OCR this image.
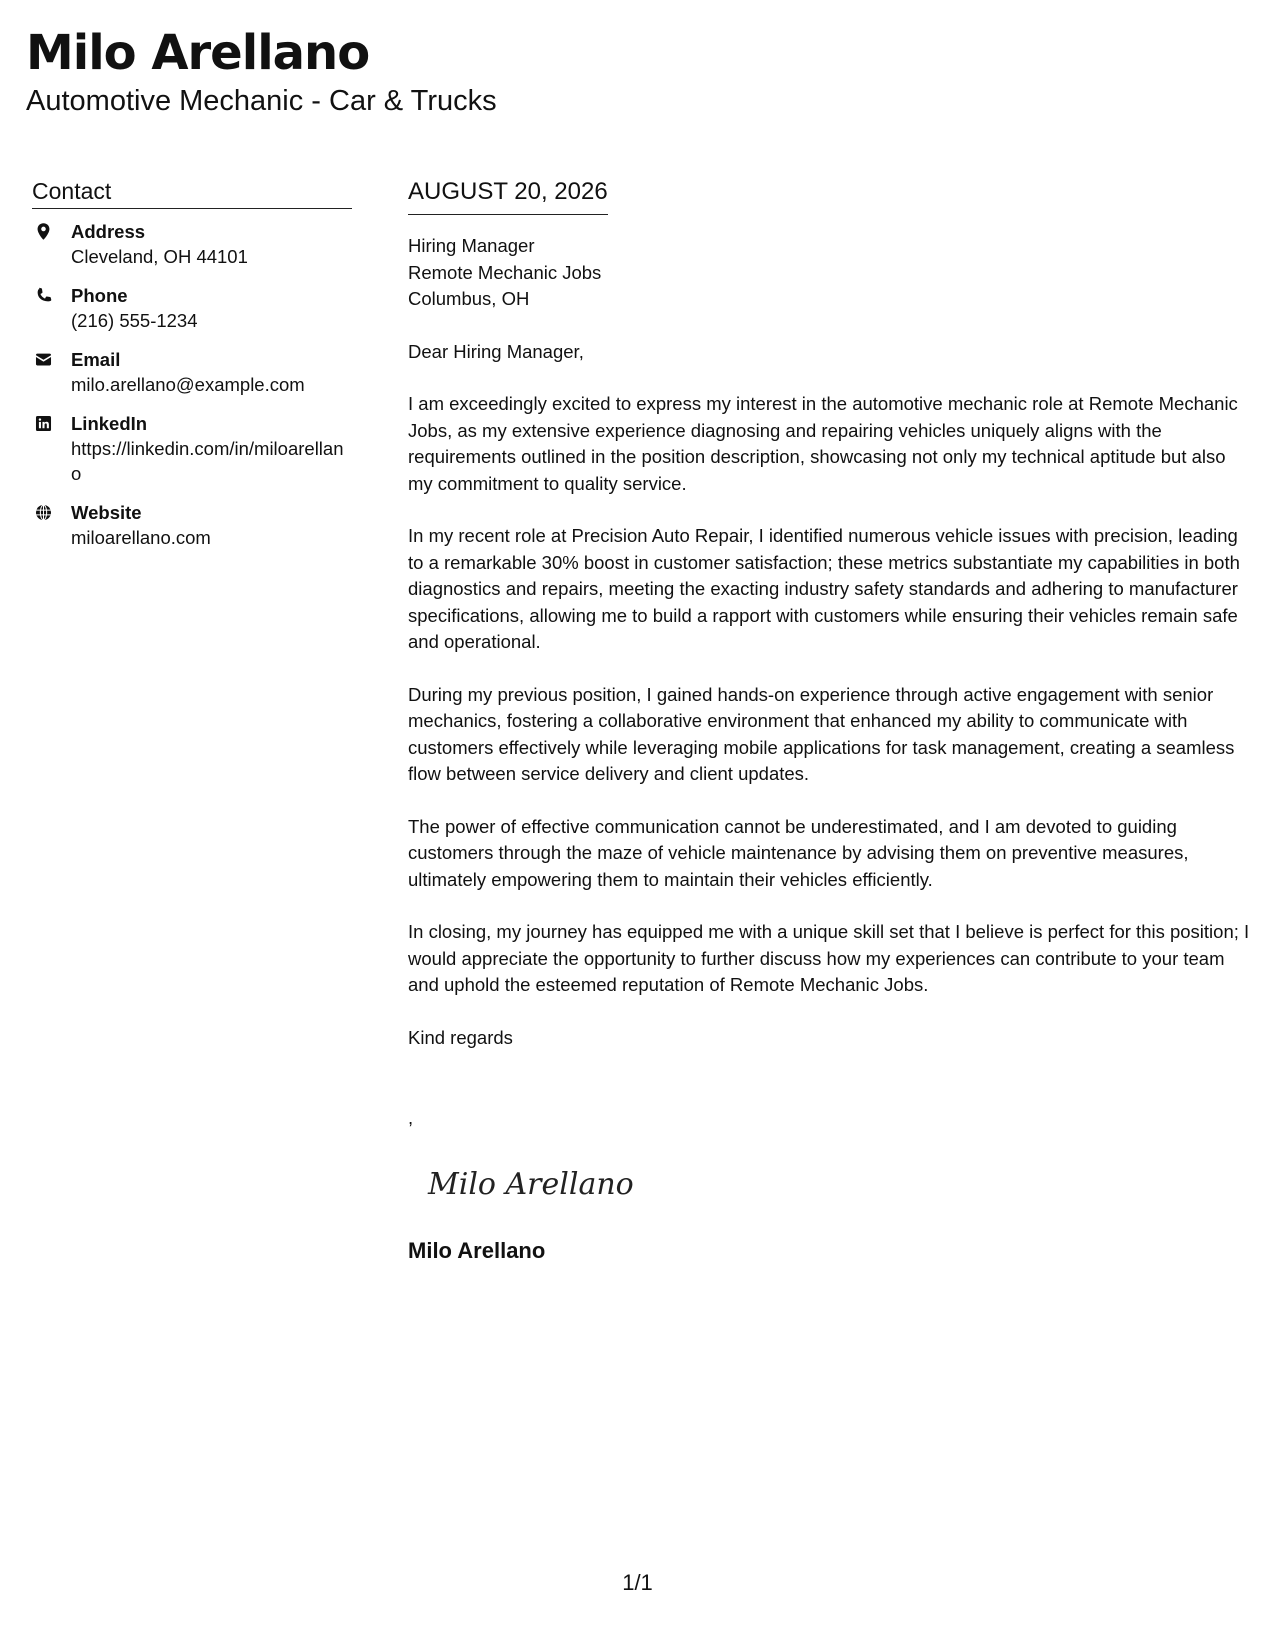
Milo Arellano
Automotive Mechanic - Car & Trucks
Contact
Address
Cleveland, OH 44101
Phone
(216) 555-1234
Email
milo.arellano@example.com
LinkedIn
https://linkedin.com/in/miloarellano
Website
miloarellano.com
AUGUST 20, 2026
Hiring Manager
Remote Mechanic Jobs
Columbus, OH
Dear Hiring Manager,
I am exceedingly excited to express my interest in the automotive mechanic role at Remote Mechanic Jobs, as my extensive experience diagnosing and repairing vehicles uniquely aligns with the requirements outlined in the position description, showcasing not only my technical aptitude but also my commitment to quality service.
In my recent role at Precision Auto Repair, I identified numerous vehicle issues with precision, leading to a remarkable 30% boost in customer satisfaction; these metrics substantiate my capabilities in both diagnostics and repairs, meeting the exacting industry safety standards and adhering to manufacturer specifications, allowing me to build a rapport with customers while ensuring their vehicles remain safe and operational.
During my previous position, I gained hands-on experience through active engagement with senior mechanics, fostering a collaborative environment that enhanced my ability to communicate with customers effectively while leveraging mobile applications for task management, creating a seamless flow between service delivery and client updates.
The power of effective communication cannot be underestimated, and I am devoted to guiding customers through the maze of vehicle maintenance by advising them on preventive measures, ultimately empowering them to maintain their vehicles efficiently.
In closing, my journey has equipped me with a unique skill set that I believe is perfect for this position; I would appreciate the opportunity to further discuss how my experiences can contribute to your team and uphold the esteemed reputation of Remote Mechanic Jobs.
Kind regards
,
Milo Arellano
Milo Arellano
1/1
